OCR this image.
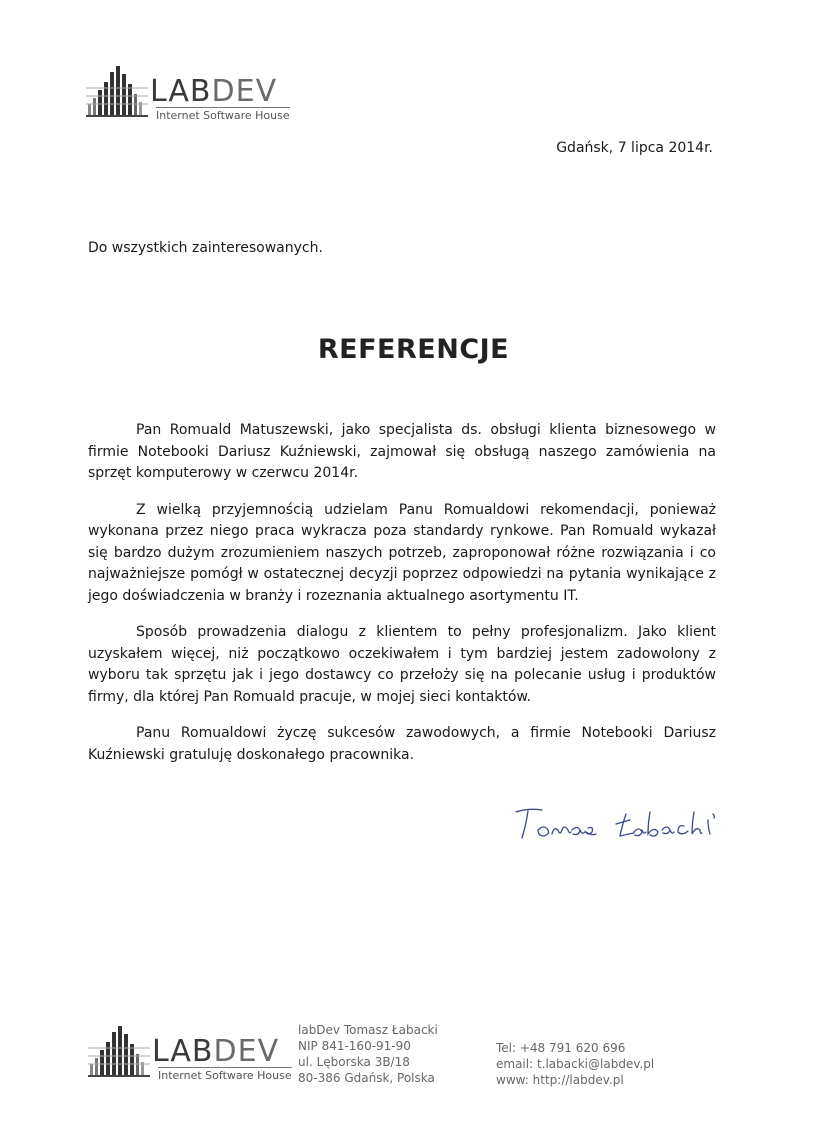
LABDEV
Internet Software House
Gdańsk, 7 lipca 2014r.
Do wszystkich zainteresowanych.
REFERENCJE

Pan Romuald Matuszewski, jako specjalista ds. obsługi klienta biznesowego w firmie Notebooki Dariusz Kuźniewski, zajmował się obsługą naszego zamówienia na sprzęt komputerowy w czerwcu 2014r.

Z wielką przyjemnością udzielam Panu Romualdowi rekomendacji, ponieważ wykonana przez niego praca wykracza poza standardy rynkowe. Pan Romuald wykazał się bardzo dużym zrozumieniem naszych potrzeb, zaproponował różne rozwiązania i co najważniejsze pomógł w ostatecznej decyzji poprzez odpowiedzi na pytania wynikające z jego doświadczenia w branży i rozeznania aktualnego asortymentu IT.

Sposób prowadzenia dialogu z klientem to pełny profesjonalizm. Jako klient uzyskałem więcej, niż początkowo oczekiwałem i tym bardziej jestem zadowolony z wyboru tak sprzętu jak i jego dostawcy co przełoży się na polecanie usług i produktów firmy, dla której Pan Romuald pracuje, w mojej sieci kontaktów.

Panu Romualdowi życzę sukcesów zawodowych, a firmie Notebooki Dariusz Kuźniewski gratuluję doskonałego pracownika.

LABDEV
Internet Software House
labDev Tomasz Łabacki
NIP 841-160-91-90
ul. Lęborska 3B/18
80-386 Gdańsk, Polska
Tel: +48 791 620 696
email: t.labacki@labdev.pl
www: http://labdev.pl
